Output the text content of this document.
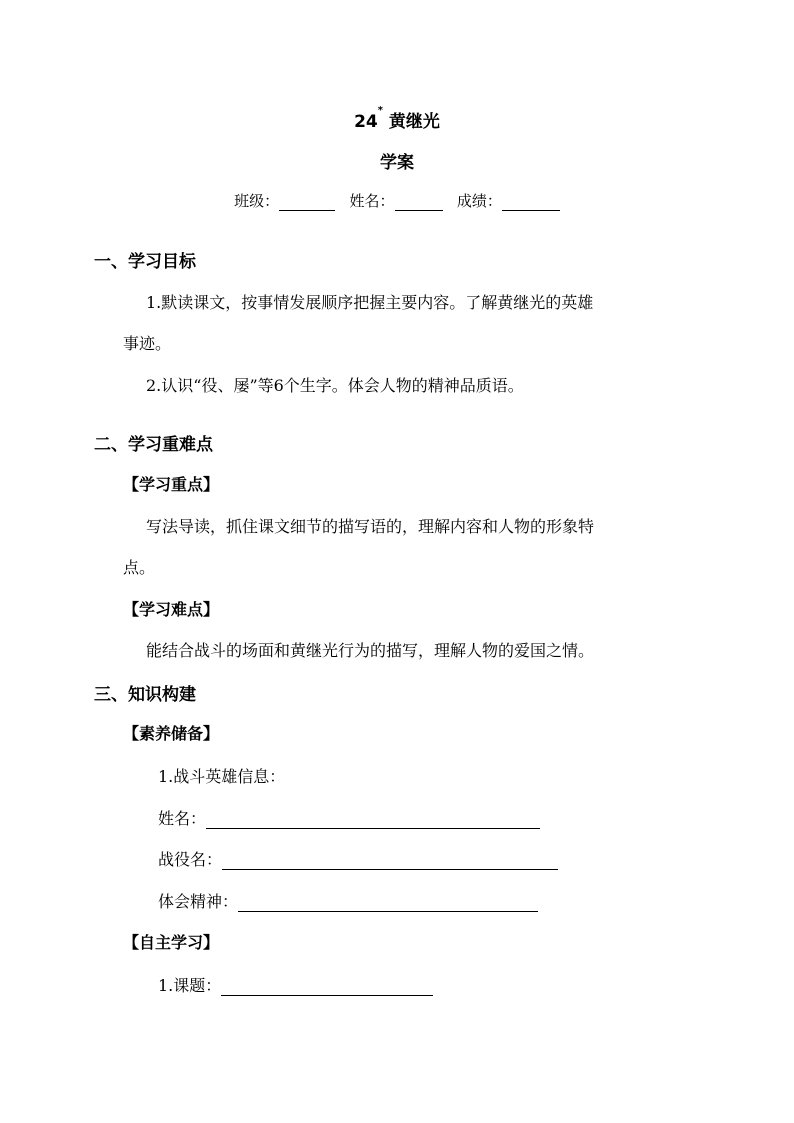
24* 黄继光
学案
班级：	姓名：	成绩：
一、学习目标
1.默读课文，按事情发展顺序把握主要内容。了解黄继光的英雄
事迹。
2.认识“役、屡”等6个生字。体会人物的精神品质语。
二、学习重难点
【学习重点】
写法导读，抓住课文细节的描写语的，理解内容和人物的形象特
点。
【学习难点】
能结合战斗的场面和黄继光行为的描写，理解人物的爱国之情。
三、知识构建
【素养储备】
1.战斗英雄信息：
姓名：
战役名：
体会精神：
【自主学习】
1.课题：
